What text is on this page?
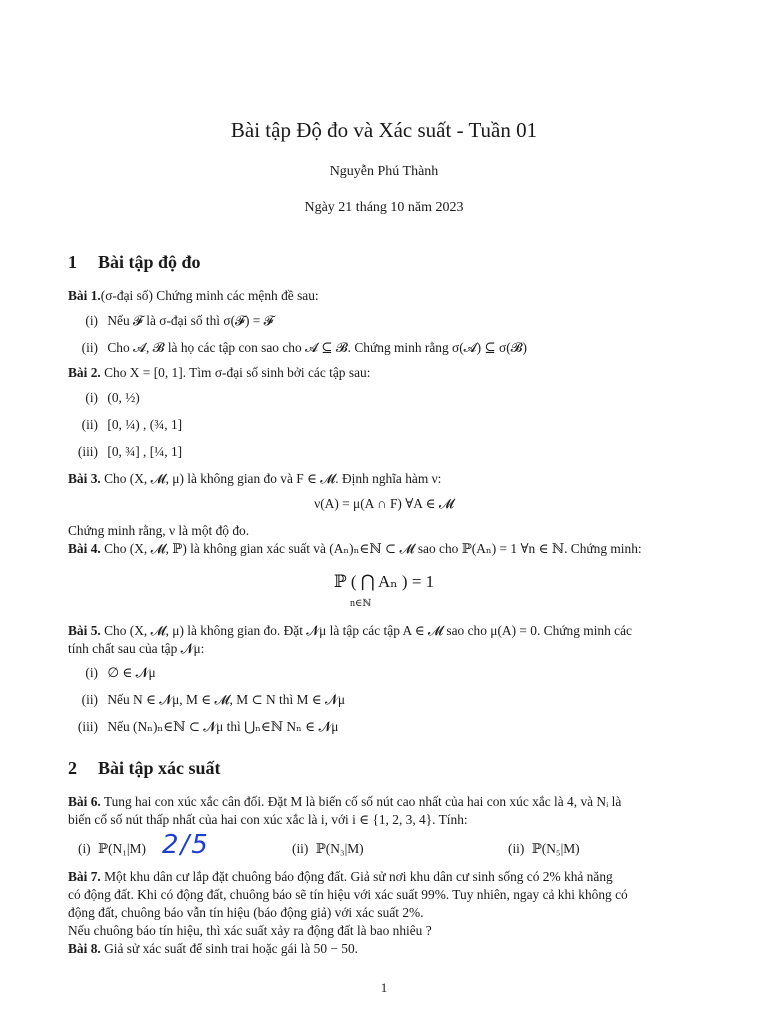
Bài tập Độ đo và Xác suất - Tuần 01
Nguyễn Phú Thành
Ngày 21 tháng 10 năm 2023
1 Bài tập độ đo
Bài 1.(σ-đại số) Chứng minh các mệnh đề sau:
(i) Nếu 𝓕 là σ-đại số thì σ(𝓕) = 𝓕
(ii) Cho 𝓐, 𝓑 là họ các tập con sao cho 𝓐 ⊆ 𝓑. Chứng minh rằng σ(𝓐) ⊆ σ(𝓑)
Bài 2. Cho X = [0, 1]. Tìm σ-đại số sinh bởi các tập sau:
(i) (0, ½)
(ii) [0, ¼) , (¾, 1]
(iii) [0, ¾] , [¼, 1]
Bài 3. Cho (X, 𝓜, μ) là không gian đo và F ∈ 𝓜. Định nghĩa hàm ν:
ν(A) = μ(A ∩ F) ∀A ∈ 𝓜
Chứng minh rằng, ν là một độ đo.
Bài 4. Cho (X, 𝓜, ℙ) là không gian xác suất và (Aₙ)ₙ∈ℕ ⊂ 𝓜 sao cho ℙ(Aₙ) = 1 ∀n ∈ ℕ. Chứng minh:
ℙ ( ⋂ Aₙ ) = 1
n∈ℕ
Bài 5. Cho (X, 𝓜, μ) là không gian đo. Đặt 𝓝μ là tập các tập A ∈ 𝓜 sao cho μ(A) = 0. Chứng minh các
tính chất sau của tập 𝓝μ:
(i) ∅ ∈ 𝓝μ
(ii) Nếu N ∈ 𝓝μ, M ∈ 𝓜, M ⊂ N thì M ∈ 𝓝μ
(iii) Nếu (Nₙ)ₙ∈ℕ ⊂ 𝓝μ thì ⋃ₙ∈ℕ Nₙ ∈ 𝓝μ
2 Bài tập xác suất
Bài 6. Tung hai con xúc xắc cân đối. Đặt M là biến cố số nút cao nhất của hai con xúc xắc là 4, và Nᵢ là
biến cố số nút thấp nhất của hai con xúc xắc là i, với i ∈ {1, 2, 3, 4}. Tính:
(i) ℙ(N₁|M) 2/5	(ii) ℙ(N₃|M)	(ii) ℙ(N₅|M)
Bài 7. Một khu dân cư lắp đặt chuông báo động đất. Giả sử nơi khu dân cư sinh sống có 2% khả năng
có động đất. Khi có động đất, chuông báo sẽ tín hiệu với xác suất 99%. Tuy nhiên, ngay cả khi không có
động đất, chuông báo vẫn tín hiệu (báo động giả) với xác suất 2%.
Nếu chuông báo tín hiệu, thì xác suất xảy ra động đất là bao nhiêu ?
Bài 8. Giả sử xác suất để sinh trai hoặc gái là 50 − 50.
1
